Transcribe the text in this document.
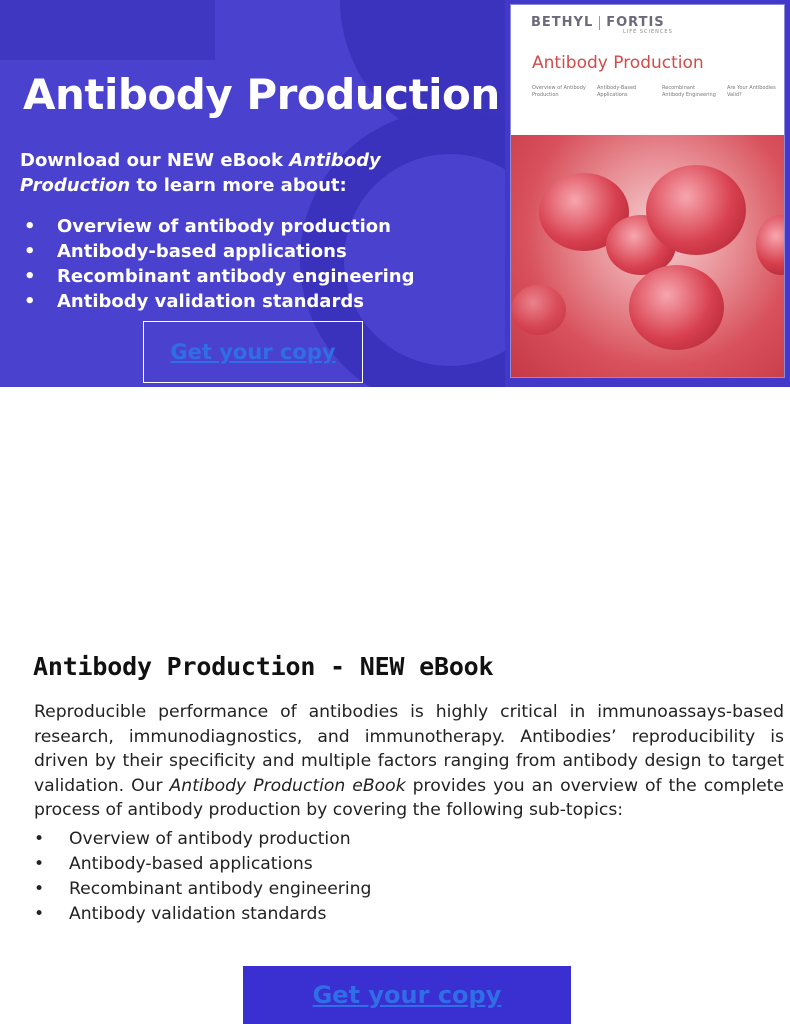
Antibody Production

Download our NEW eBook Antibody Production to learn more about:

• Overview of antibody production
• Antibody-based applications
• Recombinant antibody engineering
• Antibody validation standards
Get your copy
BETHYL FORTIS
LIFE SCIENCES
Antibody Production
Overview of Antibody Production
Antibody-Based Applications
Recombinant Antibody Engineering
Are Your Antibodies Valid?
Antibody Production - NEW eBook

Reproducible performance of antibodies is highly critical in immunoassays-based research, immunodiagnostics, and immunotherapy. Antibodies’ reproducibility is driven by their specificity and multiple factors ranging from antibody design to target validation. Our Antibody Production eBook provides you an overview of the complete process of antibody production by covering the following sub-topics:

• Overview of antibody production
• Antibody-based applications
• Recombinant antibody engineering
• Antibody validation standards
Get your copy
